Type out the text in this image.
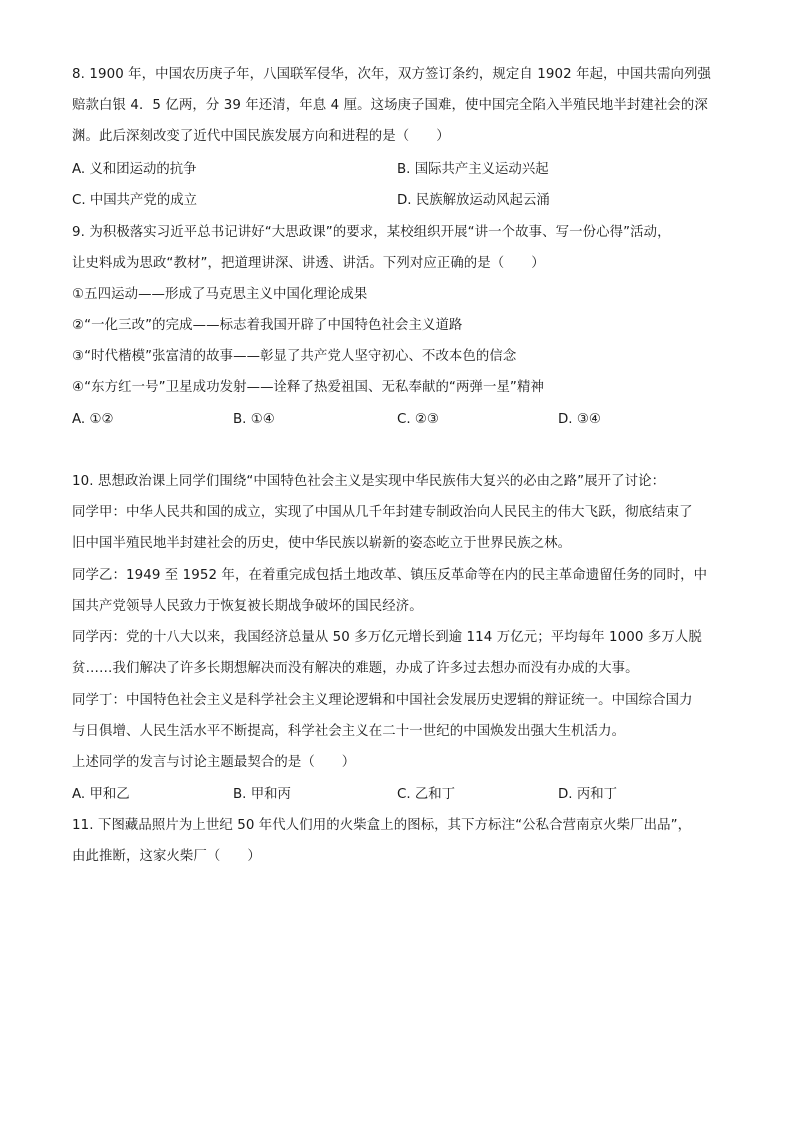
8. 1900 年，中国农历庚子年，八国联军侵华，次年，双方签订条约，规定自 1902 年起，中国共需向列强
赔款白银 4．5 亿两，分 39 年还清，年息 4 厘。这场庚子国难，使中国完全陷入半殖民地半封建社会的深
渊。此后深刻改变了近代中国民族发展方向和进程的是（　　）
A. 义和团运动的抗争	B. 国际共产主义运动兴起
C. 中国共产党的成立	D. 民族解放运动风起云涌
9. 为积极落实习近平总书记讲好“大思政课”的要求，某校组织开展“讲一个故事、写一份心得”活动，
让史料成为思政“教材”，把道理讲深、讲透、讲活。下列对应正确的是（　　）
①五四运动——形成了马克思主义中国化理论成果
②“一化三改”的完成——标志着我国开辟了中国特色社会主义道路
③“时代楷模”张富清的故事——彰显了共产党人坚守初心、不改本色的信念
④“东方红一号”卫星成功发射——诠释了热爱祖国、无私奉献的“两弹一星”精神
A. ①②	B. ①④	C. ②③	D. ③④
10. 思想政治课上同学们围绕“中国特色社会主义是实现中华民族伟大复兴的必由之路”展开了讨论：
同学甲：中华人民共和国的成立，实现了中国从几千年封建专制政治向人民民主的伟大飞跃，彻底结束了
旧中国半殖民地半封建社会的历史，使中华民族以崭新的姿态屹立于世界民族之林。
同学乙：1949 至 1952 年，在着重完成包括土地改革、镇压反革命等在内的民主革命遗留任务的同时，中
国共产党领导人民致力于恢复被长期战争破坏的国民经济。
同学丙：党的十八大以来，我国经济总量从 50 多万亿元增长到逾 114 万亿元；平均每年 1000 多万人脱
贫……我们解决了许多长期想解决而没有解决的难题，办成了许多过去想办而没有办成的大事。
同学丁：中国特色社会主义是科学社会主义理论逻辑和中国社会发展历史逻辑的辩证统一。中国综合国力
与日俱增、人民生活水平不断提高，科学社会主义在二十一世纪的中国焕发出强大生机活力。
上述同学的发言与讨论主题最契合的是（　　）
A. 甲和乙	B. 甲和丙	C. 乙和丁	D. 丙和丁
11. 下图藏品照片为上世纪 50 年代人们用的火柴盒上的图标，其下方标注“公私合营南京火柴厂出品”，
由此推断，这家火柴厂（　　）
